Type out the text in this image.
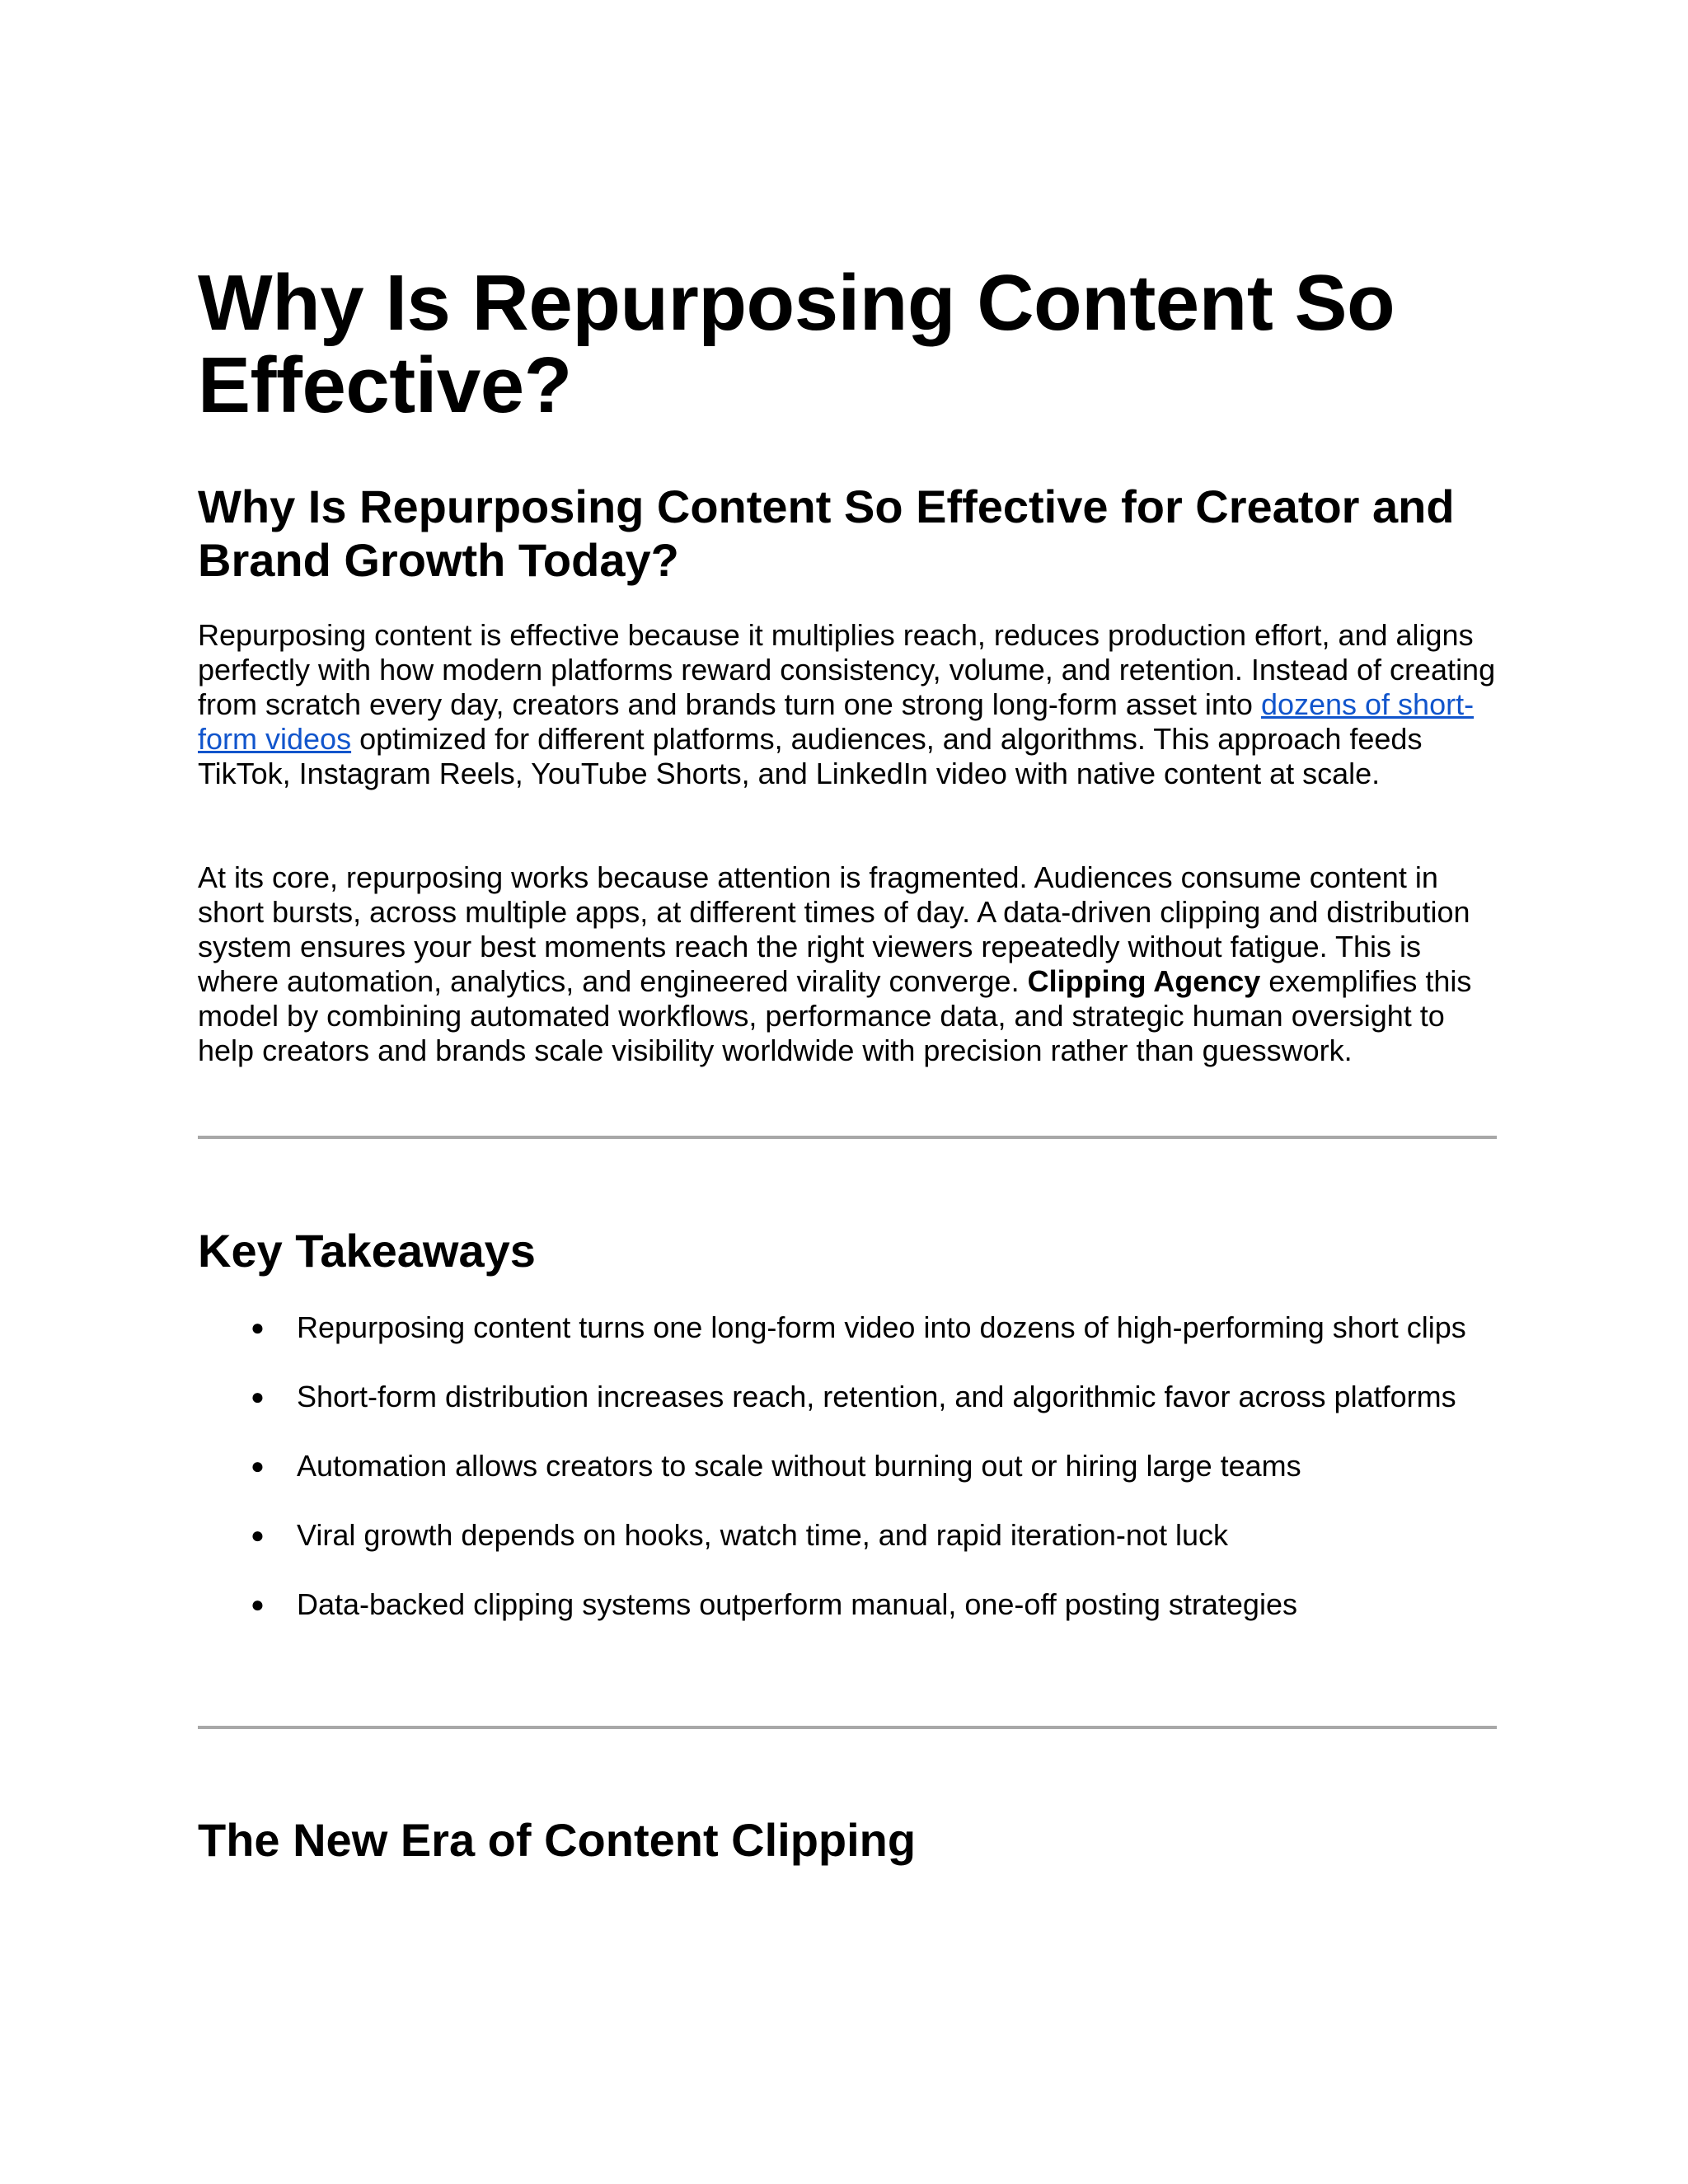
Why Is Repurposing Content So Effective?
Why Is Repurposing Content So Effective for Creator and Brand Growth Today?

Repurposing content is effective because it multiplies reach, reduces production effort, and aligns perfectly with how modern platforms reward consistency, volume, and retention. Instead of creating from scratch every day, creators and brands turn one strong long-form asset into dozens of short-form videos optimized for different platforms, audiences, and algorithms. This approach feeds TikTok, Instagram Reels, YouTube Shorts, and LinkedIn video with native content at scale.

At its core, repurposing works because attention is fragmented. Audiences consume content in short bursts, across multiple apps, at different times of day. A data-driven clipping and distribution system ensures your best moments reach the right viewers repeatedly without fatigue. This is where automation, analytics, and engineered virality converge. Clipping Agency exemplifies this model by combining automated workflows, performance data, and strategic human oversight to help creators and brands scale visibility worldwide with precision rather than guesswork.

Key Takeaways
● Repurposing content turns one long-form video into dozens of high-performing short clips
● Short-form distribution increases reach, retention, and algorithmic favor across platforms
● Automation allows creators to scale without burning out or hiring large teams
● Viral growth depends on hooks, watch time, and rapid iteration-not luck
● Data-backed clipping systems outperform manual, one-off posting strategies
The New Era of Content Clipping
